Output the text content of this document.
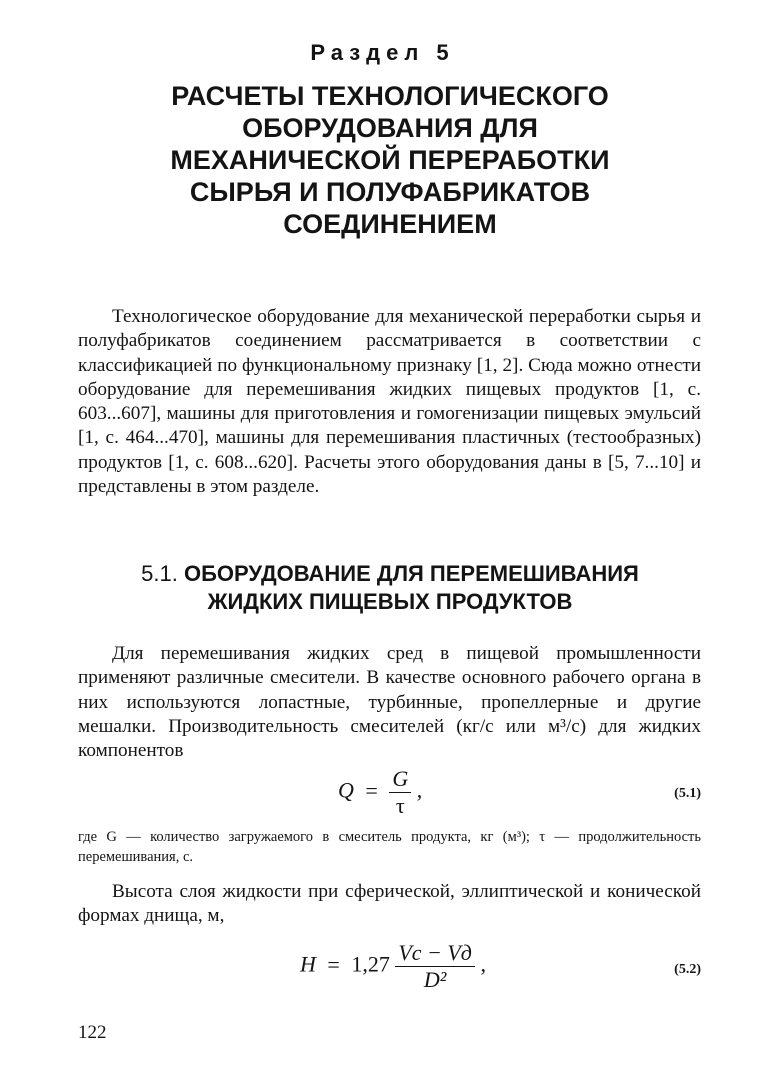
Раздел 5
РАСЧЕТЫ ТЕХНОЛОГИЧЕСКОГО
ОБОРУДОВАНИЯ ДЛЯ
МЕХАНИЧЕСКОЙ ПЕРЕРАБОТКИ
СЫРЬЯ И ПОЛУФАБРИКАТОВ
СОЕДИНЕНИЕМ

Технологическое оборудование для механической переработки сырья и полуфабрикатов соединением рассматривается в соответствии с классификацией по функциональному признаку [1, 2]. Сюда можно отнести оборудование для перемешивания жидких пищевых продуктов [1, с. 603...607], машины для приготовления и гомогенизации пищевых эмульсий [1, с. 464...470], машины для перемешивания пластичных (тестообразных) продуктов [1, с. 608...620]. Расчеты этого оборудования даны в [5, 7...10] и представлены в этом разделе.

5.1. ОБОРУДОВАНИЕ ДЛЯ ПЕРЕМЕШИВАНИЯ
ЖИДКИХ ПИЩЕВЫХ ПРОДУКТОВ

Для перемешивания жидких сред в пищевой промышленности применяют различные смесители. В качестве основного рабочего органа в них используются лопастные, турбинные, пропеллерные и другие мешалки. Производительность смесителей (кг/с или м³/с) для жидких компонентов

$Q = \frac{G}{\tau}$ ,	(5.1)

где G — количество загружаемого в смеситель продукта, кг (м³); τ — продолжительность перемешивания, с.

Высота слоя жидкости при сферической, эллиптической и конической формах днища, м,

$H = 1,27 \frac{Vс - Vд}{\text{D²}}$ ,	(5.2)
122
